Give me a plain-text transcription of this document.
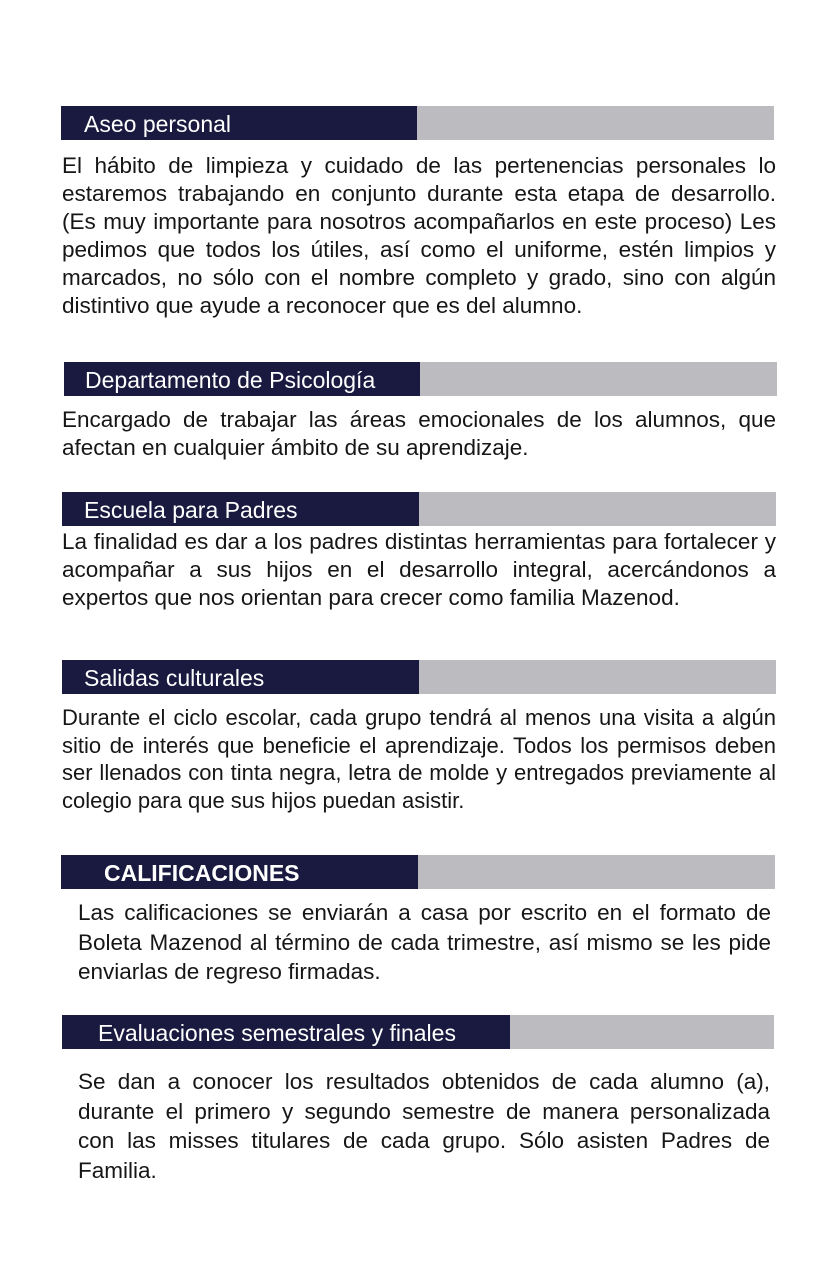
Aseo personal

El hábito de limpieza y cuidado de las pertenencias personales lo estaremos trabajando en conjunto durante esta etapa de desarrollo. (Es muy importante para nosotros acompañarlos en este proceso) Les pedimos que todos los útiles, así como el uniforme, estén limpios y marcados, no sólo con el nombre completo y grado, sino con algún distintivo que ayude a reconocer que es del alumno.

Departamento de Psicología

Encargado de trabajar las áreas emocionales de los alumnos, que afectan en cualquier ámbito de su aprendizaje.

Escuela para Padres

La finalidad es dar a los padres distintas herramientas para fortalecer y acompañar a sus hijos en el desarrollo integral, acercándonos a expertos que nos orientan para crecer como familia Mazenod.

Salidas culturales

Durante el ciclo escolar, cada grupo tendrá al menos una visita a algún sitio de interés que beneficie el aprendizaje. Todos los permisos deben ser llenados con tinta negra, letra de molde y entregados previamente al colegio para que sus hijos puedan asistir.

CALIFICACIONES

Las calificaciones se enviarán a casa por escrito en el formato de Boleta Mazenod al término de cada trimestre, así mismo se les pide enviarlas de regreso firmadas.

Evaluaciones semestrales y finales

Se dan a conocer los resultados obtenidos de cada alumno (a), durante el primero y segundo semestre de manera personalizada con las misses titulares de cada grupo. Sólo asisten Padres de Familia.
